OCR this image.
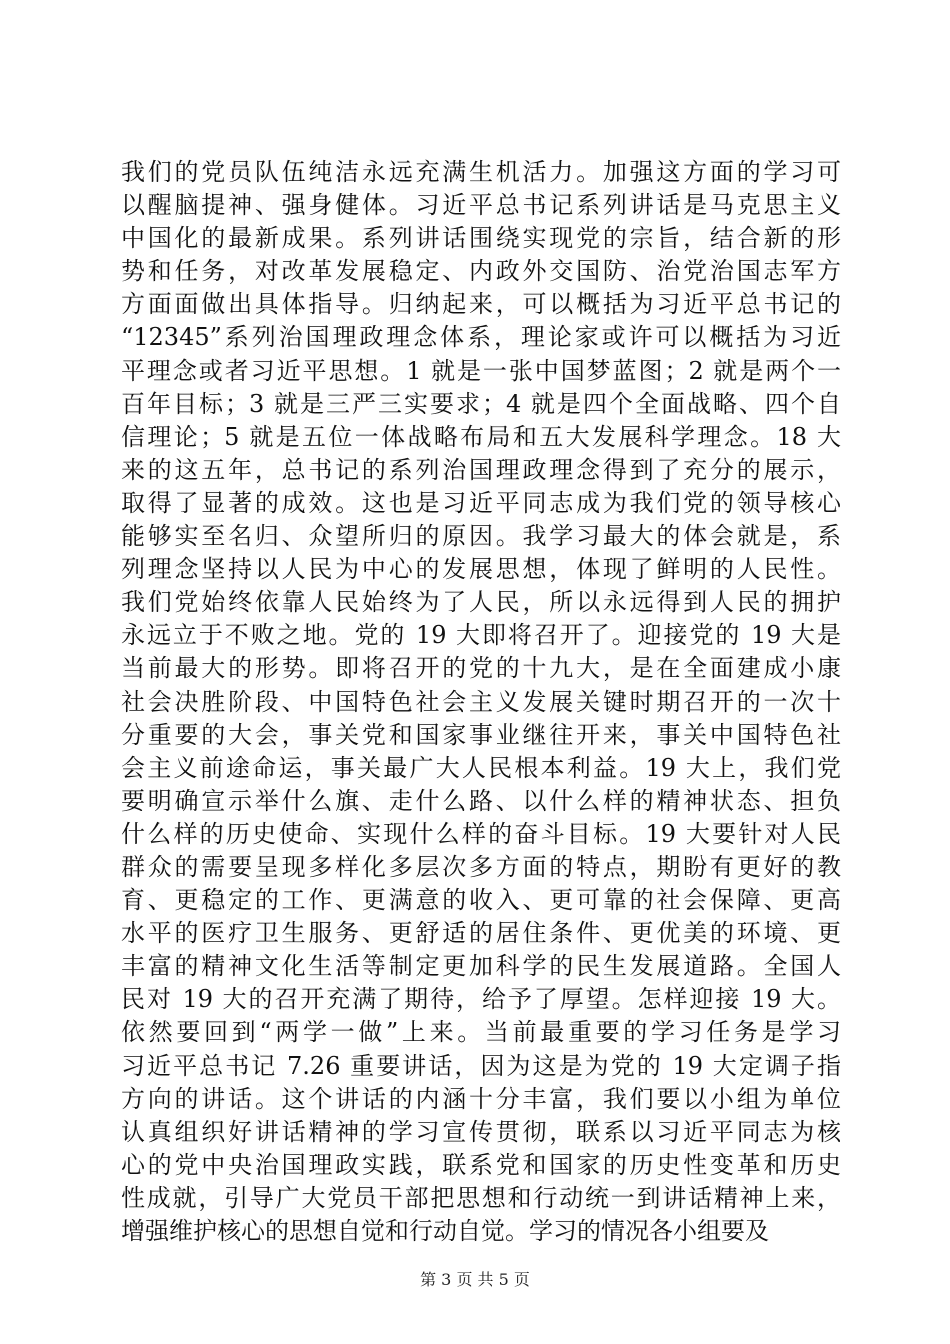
我们的党员队伍纯洁永远充满生机活力。加强这方面的学习可
以醒脑提神、强身健体。习近平总书记系列讲话是马克思主义
中国化的最新成果。系列讲话围绕实现党的宗旨，结合新的形
势和任务，对改革发展稳定、内政外交国防、治党治国志军方
方面面做出具体指导。归纳起来，可以概括为习近平总书记的
“12345”系列治国理政理念体系，理论家或许可以概括为习近
平理念或者习近平思想。1 就是一张中国梦蓝图；2 就是两个一
百年目标；3 就是三严三实要求；4 就是四个全面战略、四个自
信理论；5 就是五位一体战略布局和五大发展科学理念。18 大
来的这五年，总书记的系列治国理政理念得到了充分的展示，
取得了显著的成效。这也是习近平同志成为我们党的领导核心
能够实至名归、众望所归的原因。我学习最大的体会就是，系
列理念坚持以人民为中心的发展思想，体现了鲜明的人民性。
我们党始终依靠人民始终为了人民，所以永远得到人民的拥护
永远立于不败之地。党的 19 大即将召开了。迎接党的 19 大是
当前最大的形势。即将召开的党的十九大，是在全面建成小康
社会决胜阶段、中国特色社会主义发展关键时期召开的一次十
分重要的大会，事关党和国家事业继往开来，事关中国特色社
会主义前途命运，事关最广大人民根本利益。19 大上，我们党
要明确宣示举什么旗、走什么路、以什么样的精神状态、担负
什么样的历史使命、实现什么样的奋斗目标。19 大要针对人民
群众的需要呈现多样化多层次多方面的特点，期盼有更好的教
育、更稳定的工作、更满意的收入、更可靠的社会保障、更高
水平的医疗卫生服务、更舒适的居住条件、更优美的环境、更
丰富的精神文化生活等制定更加科学的民生发展道路。全国人
民对 19 大的召开充满了期待，给予了厚望。怎样迎接 19 大。
依然要回到“两学一做”上来。当前最重要的学习任务是学习
习近平总书记 7.26 重要讲话，因为这是为党的 19 大定调子指
方向的讲话。这个讲话的内涵十分丰富，我们要以小组为单位
认真组织好讲话精神的学习宣传贯彻，联系以习近平同志为核
心的党中央治国理政实践，联系党和国家的历史性变革和历史
性成就，引导广大党员干部把思想和行动统一到讲话精神上来，
增强维护核心的思想自觉和行动自觉。学习的情况各小组要及
第 3 页 共 5 页
